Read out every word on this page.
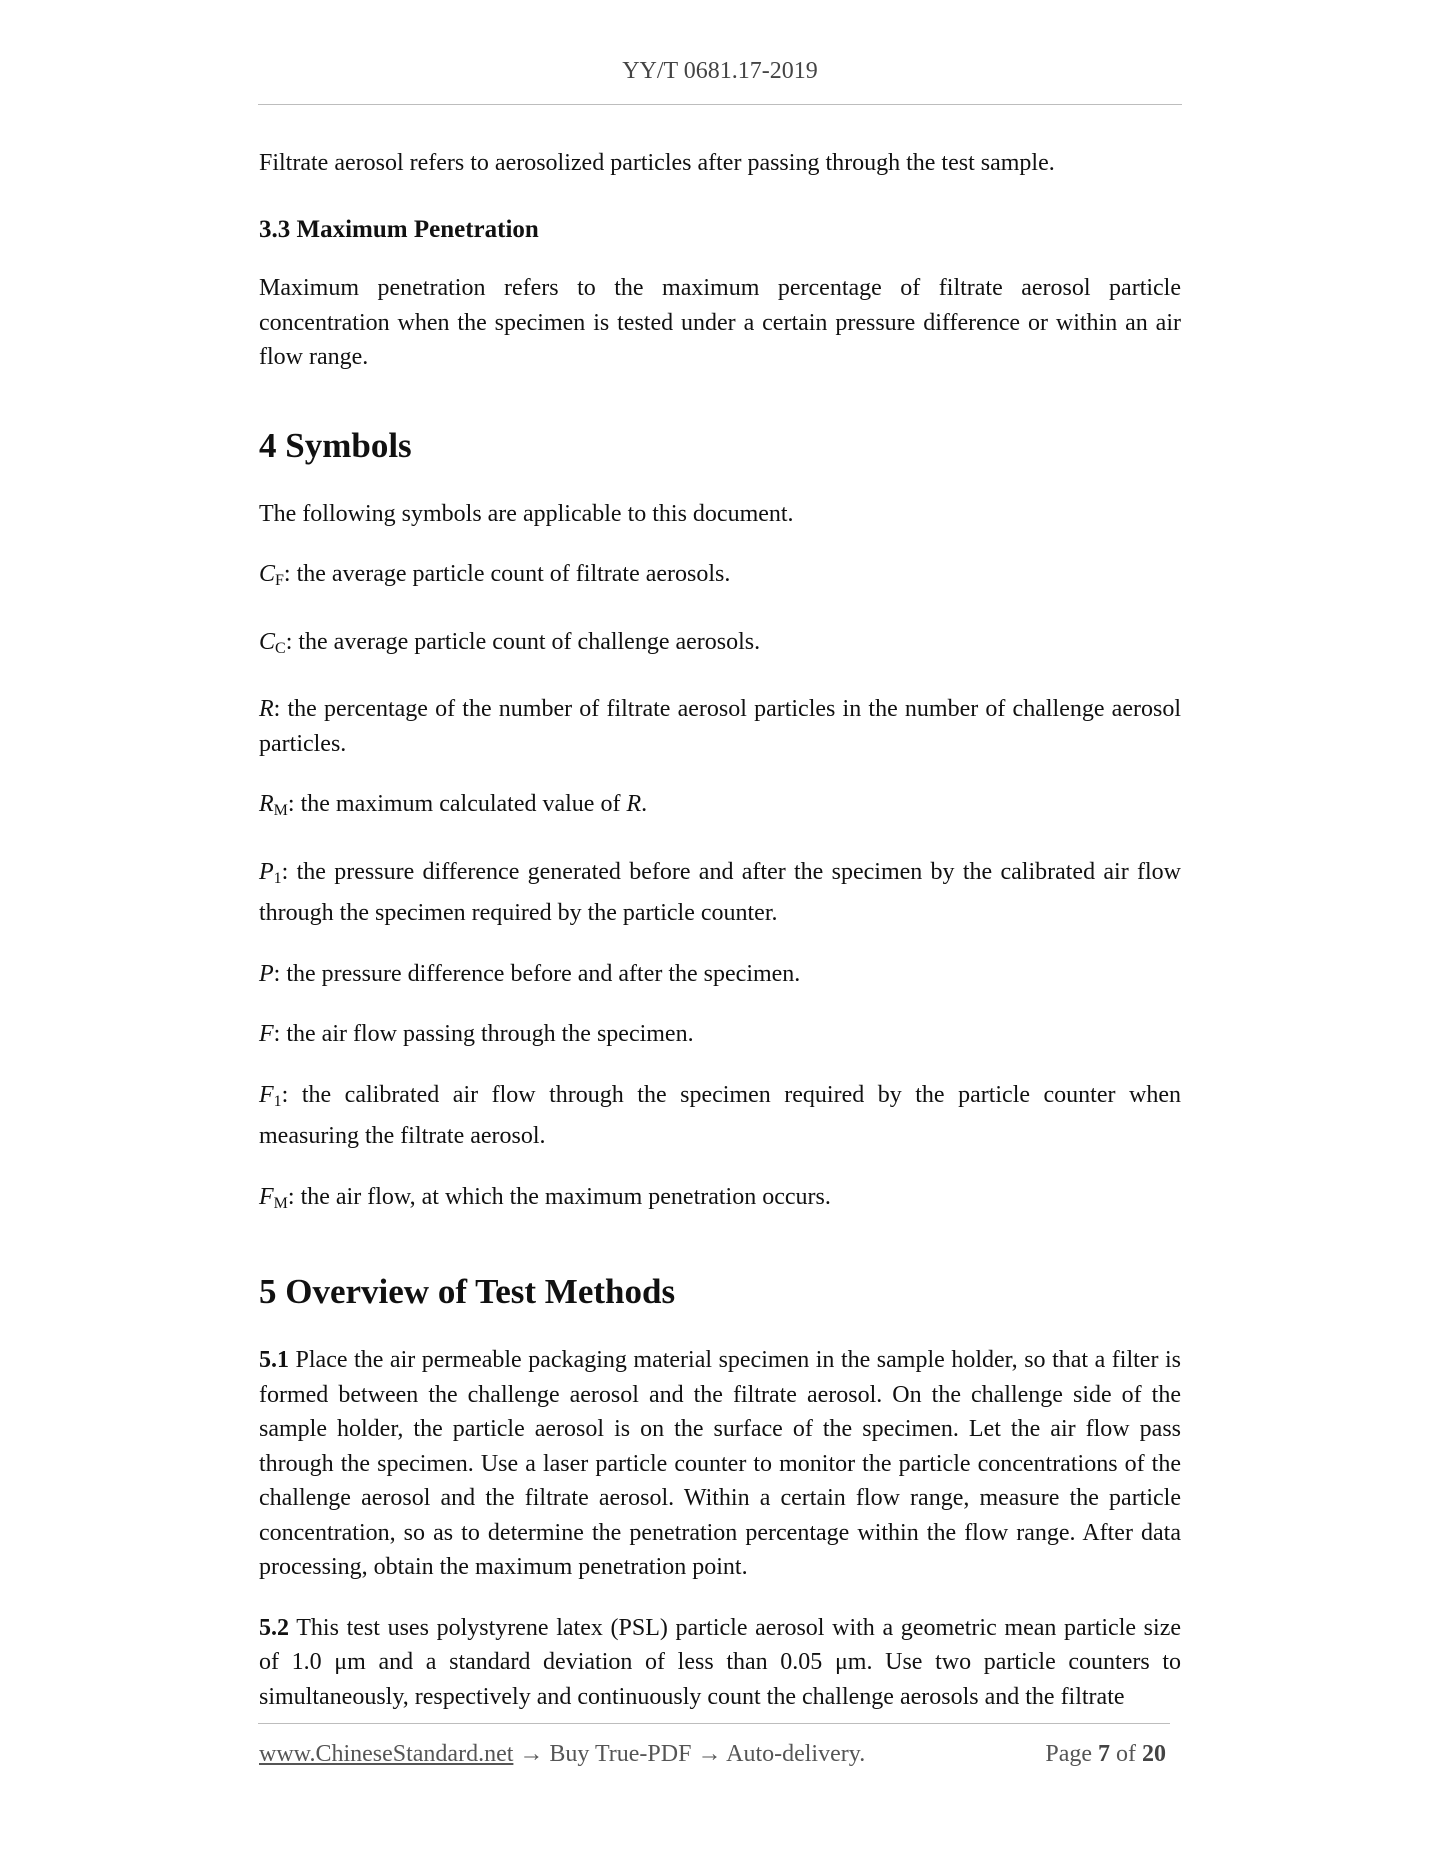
YY/T 0681.17-2019

Filtrate aerosol refers to aerosolized particles after passing through the test sample.

3.3 Maximum Penetration

Maximum penetration refers to the maximum percentage of filtrate aerosol particle concentration when the specimen is tested under a certain pressure difference or within an air flow range.

4 Symbols

The following symbols are applicable to this document.

$C_F$: the average particle count of filtrate aerosols.

$C_C$: the average particle count of challenge aerosols.

R: the percentage of the number of filtrate aerosol particles in the number of challenge aerosol particles.

$R_M$: the maximum calculated value of R.

$P_1$: the pressure difference generated before and after the specimen by the calibrated air flow through the specimen required by the particle counter.

P: the pressure difference before and after the specimen.

F: the air flow passing through the specimen.

$F_1$: the calibrated air flow through the specimen required by the particle counter when measuring the filtrate aerosol.

$F_M$: the air flow, at which the maximum penetration occurs.

5 Overview of Test Methods

5.1 Place the air permeable packaging material specimen in the sample holder, so that a filter is formed between the challenge aerosol and the filtrate aerosol. On the challenge side of the sample holder, the particle aerosol is on the surface of the specimen. Let the air flow pass through the specimen. Use a laser particle counter to monitor the particle concentrations of the challenge aerosol and the filtrate aerosol. Within a certain flow range, measure the particle concentration, so as to determine the penetration percentage within the flow range. After data processing, obtain the maximum penetration point.

5.2 This test uses polystyrene latex (PSL) particle aerosol with a geometric mean particle size of 1.0 μm and a standard deviation of less than 0.05 μm. Use two particle counters to simultaneously, respectively and continuously count the challenge aerosols and the filtrate

www.ChineseStandard.net → Buy True-PDF → Auto-delivery.	Page 7 of 20
